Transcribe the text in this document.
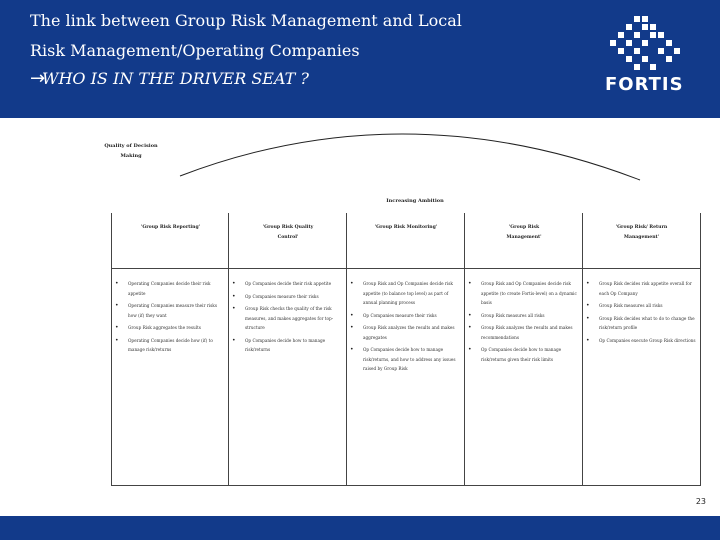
The link between Group Risk Management and Local
Risk Management/Operating Companies
→
WHO IS IN THE DRIVER SEAT ?	FORTIS
Quality of Decision Making
Increasing Ambition
'Group Risk Reporting'
• Operating Companies decide their risk appetite
• Operating Companies measure their risks how (if) they want
• Group Risk aggregates the results
• Operating Companies decide how (if) to manage risk/returns
'Group Risk Quality Control'
• Op Companies decide their risk appetite
• Op Companies measure their risks
• Group Risk checks the quality of the risk measures, and makes aggregates for top-structure
• Op Companies decide how to manage risk/returns
'Group Risk Monitoring'
• Group Risk and Op Companies decide risk appetite (to balance top level) as part of annual planning process
• Op Companies measure their risks
• Group Risk analyzes the results and makes aggregates
• Op Companies decide how to manage risk/returns, and how to address any issues raised by Group Risk
'Group Risk Management'
• Group Risk and Op Companies decide risk appetite (to create Fortis-level) on a dynamic basis
• Group Risk measures all risks
• Group Risk analyzes the results and makes recommendations
• Op Companies decide how to manage risk/returns given their risk limits
'Group Risk/ Return Management'
• Group Risk decides risk appetite overall for each Op Company
• Group Risk measures all risks
• Group Risk decides what to do to change the risk/return profile
• Op Companies execute Group Risk directions
23
